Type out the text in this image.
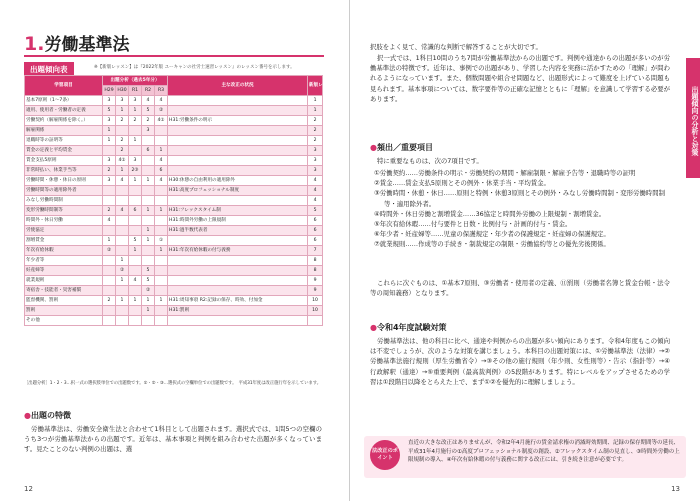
1.労働基準法
出題傾向表	※【新版レッスン】は『2022年版 ユーキャンの社労士速習レッスン』のレッスン番号を示します。
学習項目	出題分析（過去5年分）					主な改正の状況	新版レッスン
	H29	H30	R1	R2	R3		
基本7原則（1〜7条）	3	3	3	4	4		1
適用、使用者・労働者の定義	5	1	1	5	②		1
労働契約（解雇関係を除く。）	3	2	2	2	4①	H31:労働条件の明示	2
解雇関係	1			3			2
退職時等の証明等	1	2	1				2
賃金の定義と平均賃金		2		6	1		3
賃金支払5原則	3	4①	3		4		3
非常時払い、休業手当等	2	1	2③		6		3
労働時間・休憩・休日の原則	3	4	1	1	4	H30:休憩の自由利用の適用除外	4
労働時間等の適用除外者						H31:高度プロフェッショナル制度	4
みなし労働時間制							4
変形労働時間制等	2	4	6	1	1	H31:フレックスタイム制	5
時間外・休日労働	4					H31:時間外労働の上限規制	6
労使協定				1		H31:過半数代表者	6
割増賃金	1		5	1	①		6
年次有給休暇	②		1		1	H31:年次有給休暇の付与義務	7
年少者等		1					8
妊産婦等		②		5			8
就業規則		1	4	5			9
寄宿舎・技能者・災害補償				②			9
監督機関、罰則	2	1	1	1	1	H31:周知事項 R2:記録の保存、時効、付加金	10
罰則				1		H31:罰則	10
その他							
［出題分析］1・2・3…択一式の選択肢単位での出題数です。①・②・③…選択式の空欄単位での出題数です。　平成31年度は改正施行年を示しています。
●出題の特徴
労働基準法は、労働安全衛生法と合わせて1科目として出題されます。選択式では、1問5つの空欄のうち3つが労働基準法からの出題です。近年は、基本事項と判例を組み合わせた出題が多くなっています。見たことのない判例の出題は、選
12
出題傾向の分析と対策
択肢をよく見て、常識的な判断で解答することが大切です。
択一式では、1科目10問のうち7問が労働基準法からの出題です。判例や通達からの出題が多いのが労働基準法の特徴です。近年は、事例での出題があり、学習した内容を実務に活かすための「理解」が問われるようになっています。また、個数問題や組合せ問題など、出題形式によって難度を上げている問題も見られます。基本事項については、数字要件等の正確な記憶とともに「理解」を意識して学習する必要があります。
●頻出／重要項目
特に重要なものは、次の7項目です。
①労働契約……労働条件の明示・労働契約の期間・解雇制限・解雇予告等・退職時等の証明
②賃金……賃金支払5原則とその例外・休業手当・平均賃金。
③労働時間・休憩・休日……原則と特例・休憩3原則とその例外・みなし労働時間制・変形労働時間制等・適用除外者。
④時間外・休日労働と割増賃金……36協定と時間外労働の上限規制・割増賃金。
⑤年次有給休暇……付与要件と日数・比例付与・計画的付与・賃金。
⑥年少者・妊産婦等……児童の保護規定・年少者の保護規定・妊産婦の保護規定。
⑦就業規則……作成等の手続き・制裁規定の制限・労働協約等との優先劣後関係。
これらに次ぐものは、①基本7原則、③労働者・使用者の定義、⑪罰則（労働者名簿と賃金台帳・法令等の周知義務）となります。
●令和4年度試験対策
労働基準法は、他の科目に比べ、通達や判例からの出題が多い傾向にあります。令和4年度もこの傾向は不変でしょうが、次のような対策を講じましょう。本科目の出題対策には、①労働基準法（法律）→②労働基準法施行規則（厚生労働省令）→③その他の施行規則（年少則、女性則等）・告示（指針等）→④行政解釈（通達）→⑤重要判例（最高裁判例）の5段階があります。特にレベルをアップさせるための学習は①段階目以降をとらえた上で、まず①②を優先的に理解しましょう。
13
法改正のポイント
直近の大きな改正はありませんが、令和2年4月施行の賃金請求権の消滅時効期間、記録の保存期間等の延長、平成31年4月施行の①高度プロフェッショナル制度の創設、②フレックスタイム制の見直し、③時間外労働の上限規制の導入、④年次有給休暇の付与義務に関する改正には、引き続き注意が必要です。
